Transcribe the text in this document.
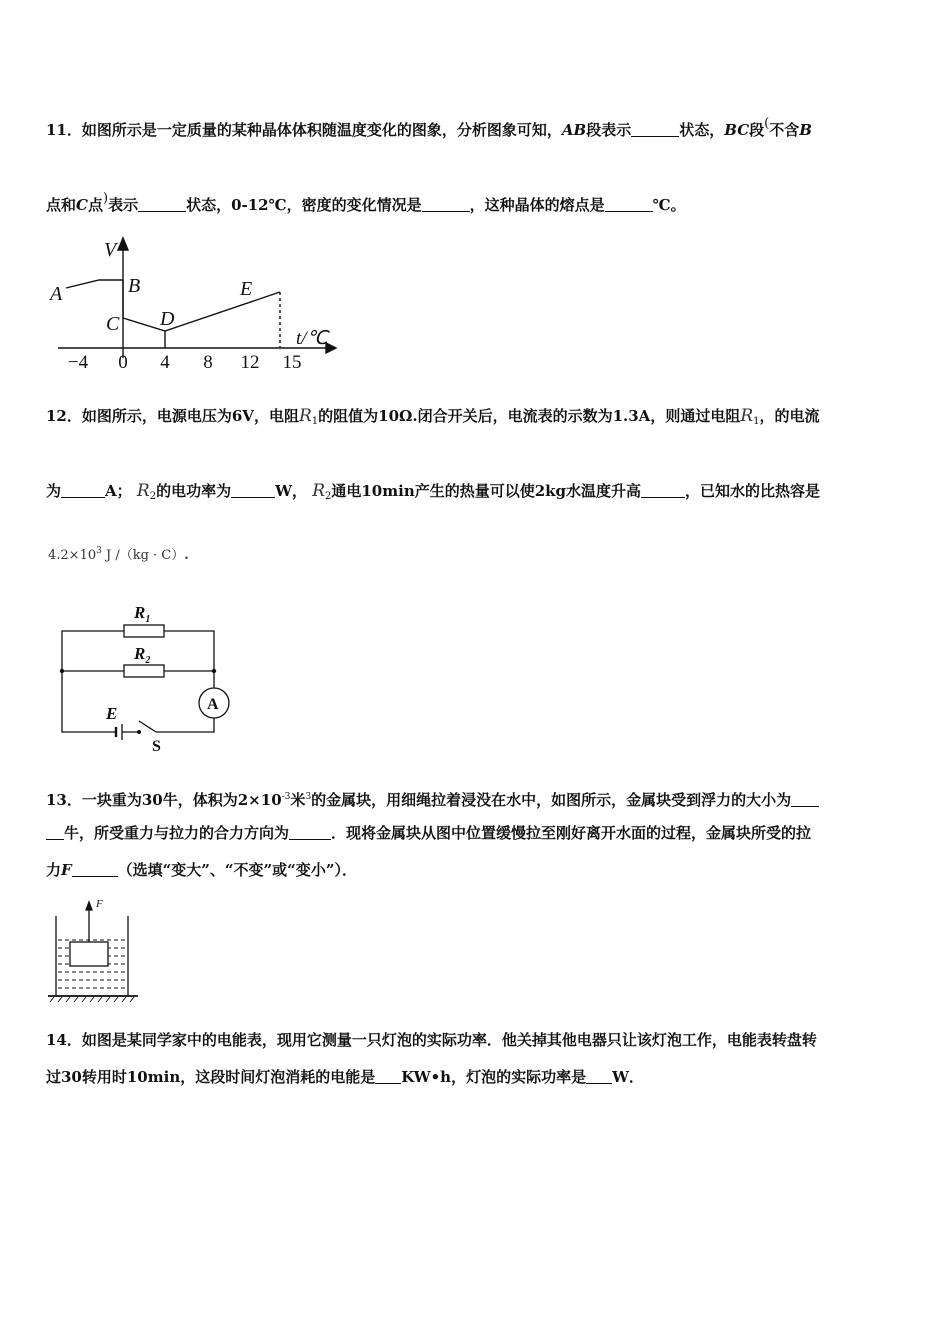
11．如图所示是一定质量的某种晶体体积随温度变化的图象，分析图象可知，AB段表示	状态，BC段(不含B
点和C点)表示	状态，0-12℃，密度的变化情况是	，这种晶体的熔点是	℃。
V
t/℃
A	B
C D
E
−4 0 4 8 12 15
12．如图所示，电源电压为6V，电阻$R_1$的阻值为10Ω.闭合开关后，电流表的示数为1.3A，则通过电阻$R_1$，的电流
为	A； $R_2$的电功率为	W， $R_2$通电10min产生的热量可以使2kg水温度升高	，已知水的比热容是
$4.2\times 10^3$ J /（kg · C）.
$R_1$
$R_2$
E	A
S
13．一块重为30牛，体积为$2\times 10^{-3}$米$^3$的金属块，用细绳拉着浸没在水中，如图所示，金属块受到浮力的大小为
牛，所受重力与拉力的合力方向为	．现将金属块从图中位置缓慢拉至刚好离开水面的过程，金属块所受的拉
力F	（选填“变大”、“不变”或“变小”）．
F
14．如图是某同学家中的电能表，现用它测量一只灯泡的实际功率．他关掉其他电器只让该灯泡工作，电能表转盘转
过30转用时10min，这段时间灯泡消耗的电能是 KW•h，灯泡的实际功率是 W．
